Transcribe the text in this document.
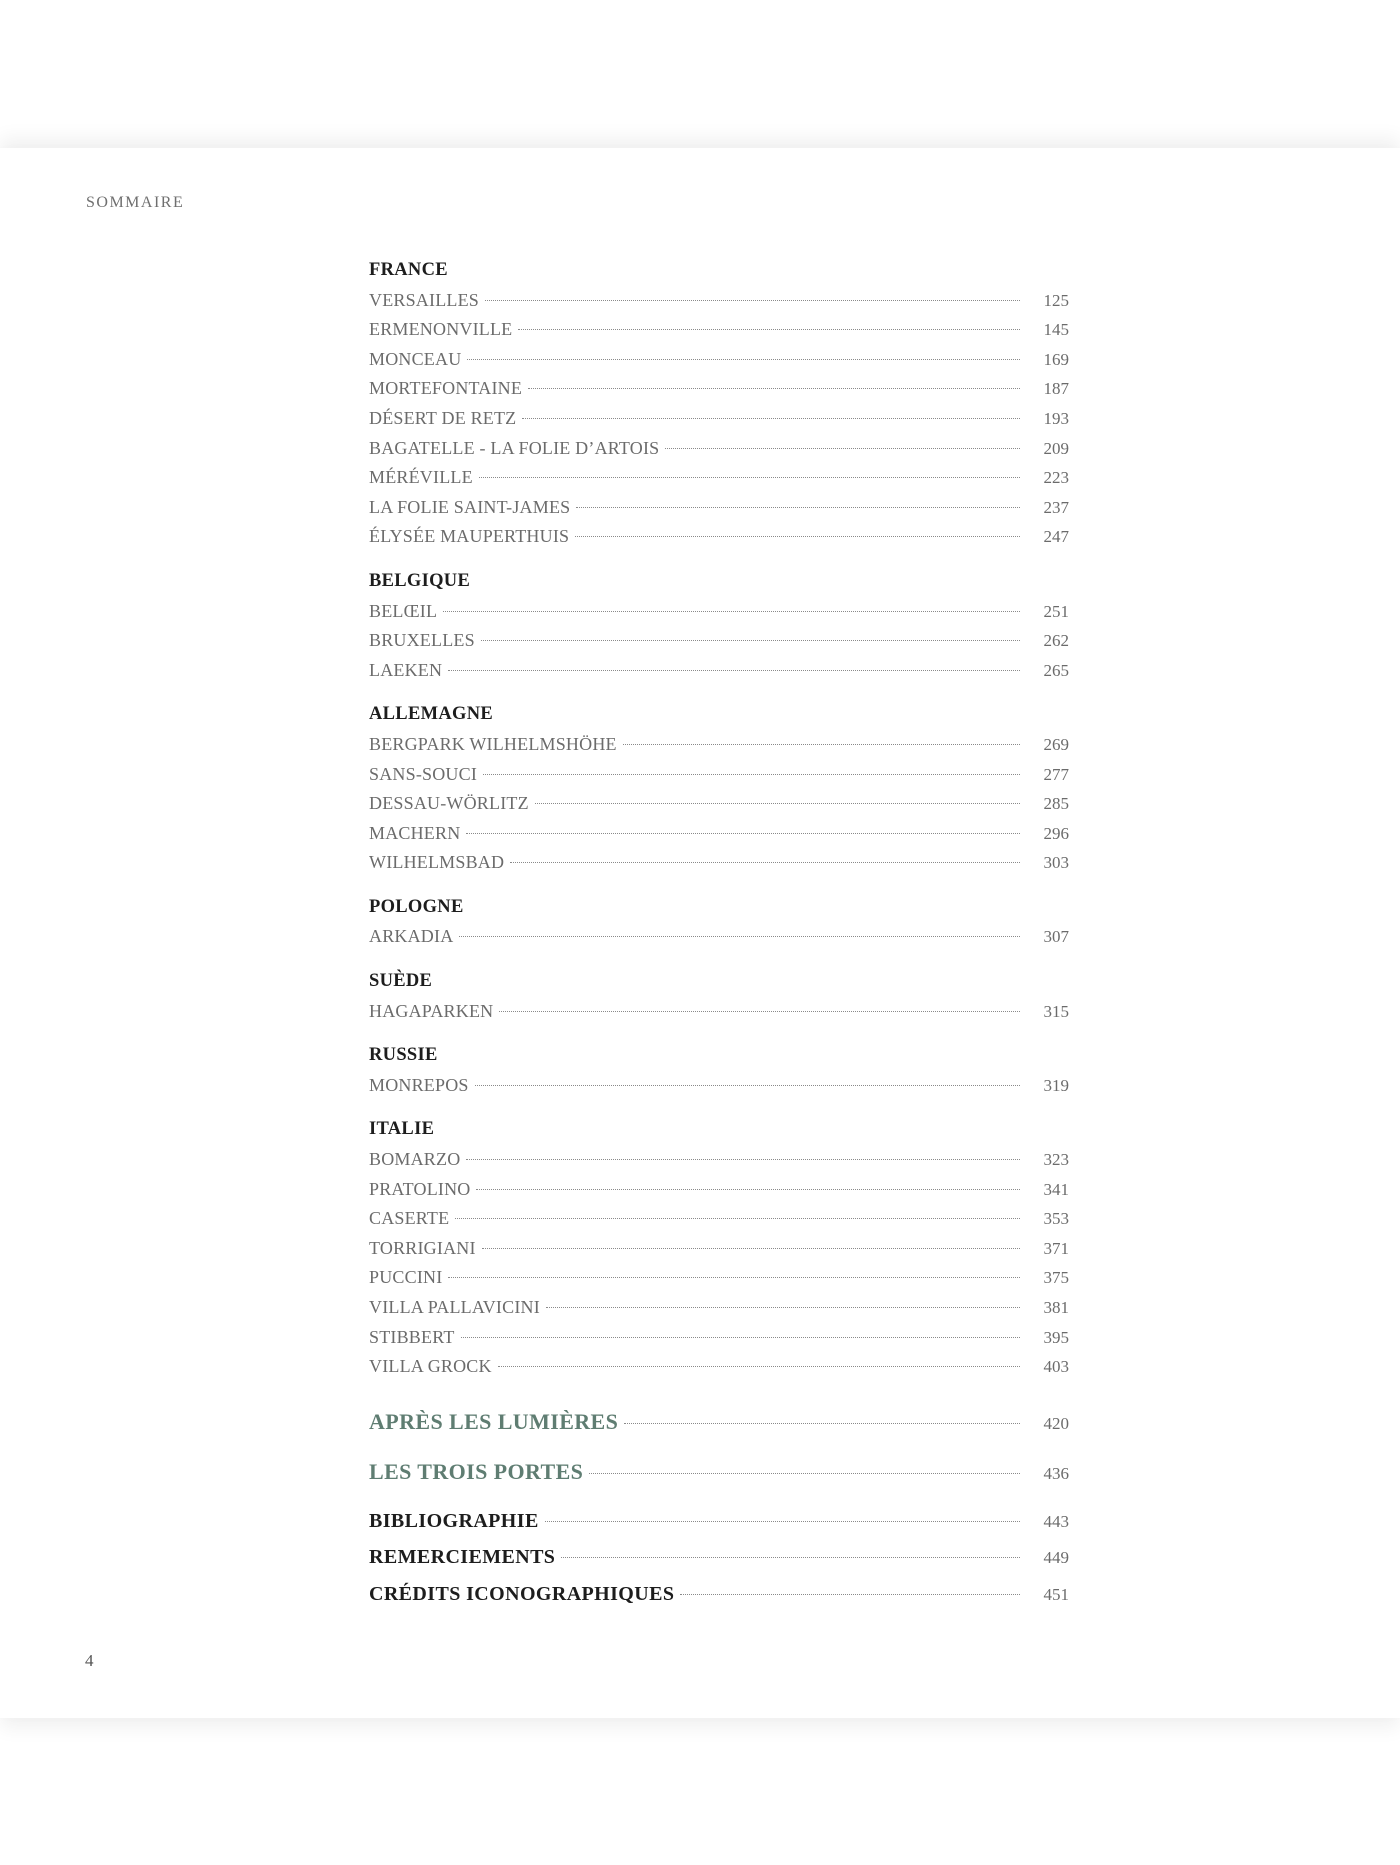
SOMMAIRE
FRANCE
VERSAILLES	125
ERMENONVILLE	145
MONCEAU	169
MORTEFONTAINE	187
DÉSERT DE RETZ	193
BAGATELLE - LA FOLIE D’ARTOIS	209
MÉRÉVILLE	223
LA FOLIE SAINT-JAMES	237
ÉLYSÉE MAUPERTHUIS	247
BELGIQUE
BELŒIL	251
BRUXELLES	262
LAEKEN	265
ALLEMAGNE
BERGPARK WILHELMSHÖHE	269
SANS-SOUCI	277
DESSAU-WÖRLITZ	285
MACHERN	296
WILHELMSBAD	303
POLOGNE
ARKADIA	307
SUÈDE
HAGAPARKEN	315
RUSSIE
MONREPOS	319
ITALIE
BOMARZO	323
PRATOLINO	341
CASERTE	353
TORRIGIANI	371
PUCCINI	375
VILLA PALLAVICINI	381
STIBBERT	395
VILLA GROCK	403
APRÈS LES LUMIÈRES	420
LES TROIS PORTES	436
BIBLIOGRAPHIE	443
REMERCIEMENTS	449
CRÉDITS ICONOGRAPHIQUES	451
4
